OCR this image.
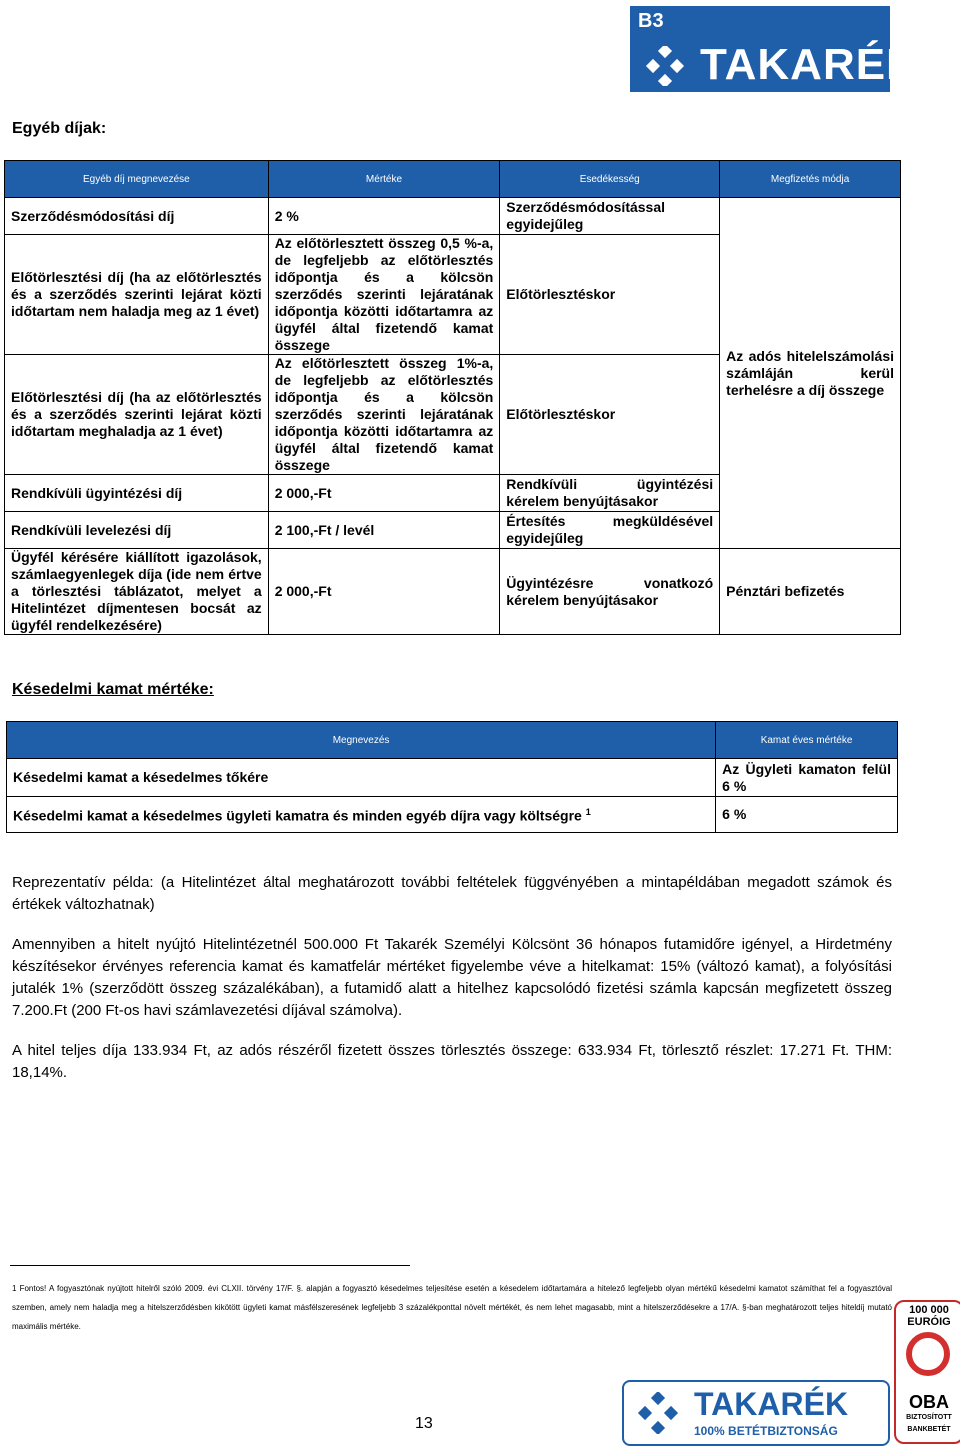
B3
TAKARÉK
Egyéb díjak:
Egyéb díj megnevezése	Mértéke	Esedékesség	Megfizetés módja
Szerződésmódosítási díj	2 %	Szerződésmódosítással egyidejűleg	Az adós hitelelszámolási számláján kerül terhelésre a díj összege
Előtörlesztési díj (ha az előtörlesztés és a szerződés szerinti lejárat közti időtartam nem haladja meg az 1 évet)	Az előtörlesztett összeg 0,5 %-a, de legfeljebb az előtörlesztés időpontja és a kölcsön szerződés szerinti lejáratának időpontja közötti időtartamra az ügyfél által fizetendő kamat összege	Előtörlesztéskor	
Előtörlesztési díj (ha az előtörlesztés és a szerződés szerinti lejárat közti időtartam meghaladja az 1 évet)	Az előtörlesztett összeg 1%-a, de legfeljebb az előtörlesztés időpontja és a kölcsön szerződés szerinti lejáratának időpontja közötti időtartamra az ügyfél által fizetendő kamat összege	Előtörlesztéskor	
Rendkívüli ügyintézési díj	2 000,-Ft	Rendkívüli ügyintézési kérelem benyújtásakor	
Rendkívüli levelezési díj	2 100,-Ft / levél	Értesítés megküldésével egyidejűleg	
Ügyfél kérésére kiállított igazolások, számlaegyenlegek díja (ide nem értve a törlesztési táblázatot, melyet a Hitelintézet díjmentesen bocsát az ügyfél rendelkezésére)	2 000,-Ft	Ügyintézésre vonatkozó kérelem benyújtásakor	Pénztári befizetés
Késedelmi kamat mértéke:
Megnevezés	Kamat éves mértéke
Késedelmi kamat a késedelmes tőkére	Az Ügyleti kamaton felül 6 %
Késedelmi kamat a késedelmes ügyleti kamatra és minden egyéb díjra vagy költségre $^1$	6 %
Reprezentatív példa: (a Hitelintézet által meghatározott további feltételek függvényében a mintapéldában megadott számok és értékek változhatnak)
Amennyiben a hitelt nyújtó Hitelintézetnél 500.000 Ft Takarék Személyi Kölcsönt 36 hónapos futamidőre igényel, a Hirdetmény készítésekor érvényes referencia kamat és kamatfelár mértéket figyelembe véve a hitelkamat: 15% (változó kamat), a folyósítási jutalék 1% (szerződött összeg százalékában), a futamidő alatt a hitelhez kapcsolódó fizetési számla kapcsán megfizetett összeg 7.200.Ft (200 Ft-os havi számlavezetési díjával számolva).
A hitel teljes díja 133.934 Ft, az adós részéről fizetett összes törlesztés összege: 633.934 Ft, törlesztő részlet: 17.271 Ft. THM: 18,14%.
1 Fontos! A fogyasztónak nyújtott hitelről szóló 2009. évi CLXII. törvény 17/F. §. alapján a fogyasztó késedelmes teljesítése esetén a késedelem időtartamára a hitelező legfeljebb olyan mértékű késedelmi kamatot számíthat fel a fogyasztóval szemben, amely nem haladja meg a hitelszerződésben kikötött ügyleti kamat másfélszeresének legfeljebb 3 százalékponttal növelt mértékét, és nem lehet magasabb, mint a hitelszerződésekre a 17/A. §-ban meghatározott teljes hiteldíj mutató maximális mértéke.
13
TAKARÉK
100% BETÉTBIZTONSÁG
100 000
EURÓIG
OBA
BIZTOSÍTOTT
BANKBETÉT
